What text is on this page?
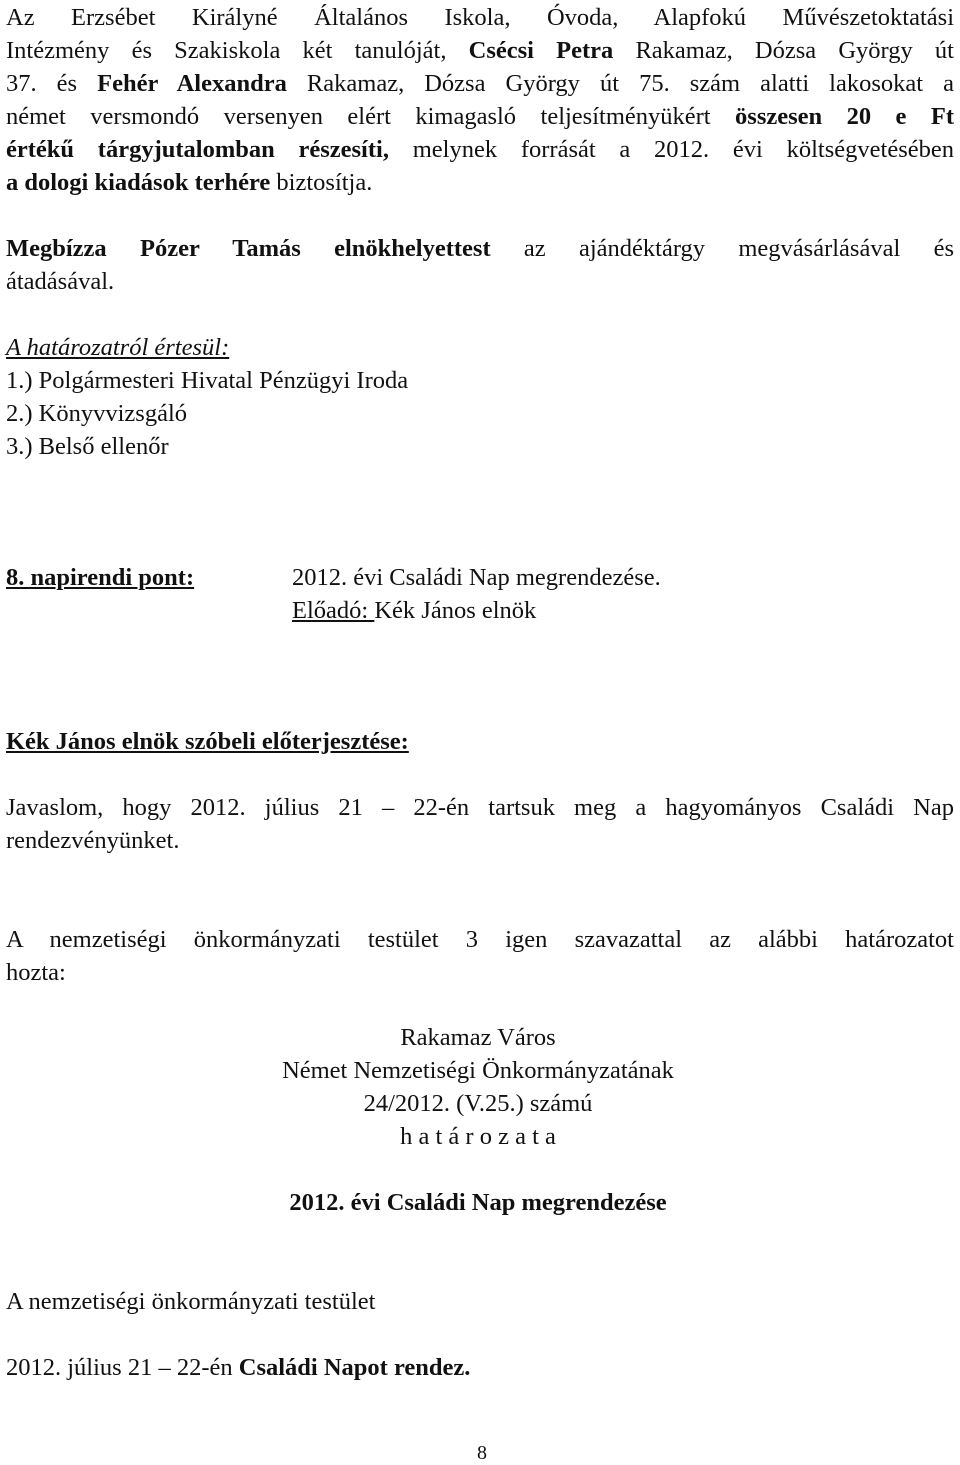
Az Erzsébet Királyné Általános Iskola, Óvoda, Alapfokú Művészetoktatási
Intézmény és Szakiskola két tanulóját, Csécsi Petra Rakamaz, Dózsa György út
37. és Fehér Alexandra Rakamaz, Dózsa György út 75. szám alatti lakosokat a
német versmondó versenyen elért kimagasló teljesítményükért összesen 20 e Ft
értékű tárgyjutalomban részesíti, melynek forrását a 2012. évi költségvetésében
a dologi kiadások terhére biztosítja.
Megbízza Pózer Tamás elnökhelyettest az ajándéktárgy megvásárlásával és
átadásával.
A határozatról értesül:
1.) Polgármesteri Hivatal Pénzügyi Iroda
2.) Könyvvizsgáló
3.) Belső ellenőr
8. napirendi pont:	2012. évi Családi Nap megrendezése.
Előadó: Kék János elnök
Kék János elnök szóbeli előterjesztése:
Javaslom, hogy 2012. július 21 – 22-én tartsuk meg a hagyományos Családi Nap
rendezvényünket.
A nemzetiségi önkormányzati testület 3 igen szavazattal az alábbi határozatot
hozta:
Rakamaz Város
Német Nemzetiségi Önkormányzatának
24/2012. (V.25.) számú
h a t á r o z a t a
2012. évi Családi Nap megrendezése
A nemzetiségi önkormányzati testület
2012. július 21 – 22-én Családi Napot rendez.
8
